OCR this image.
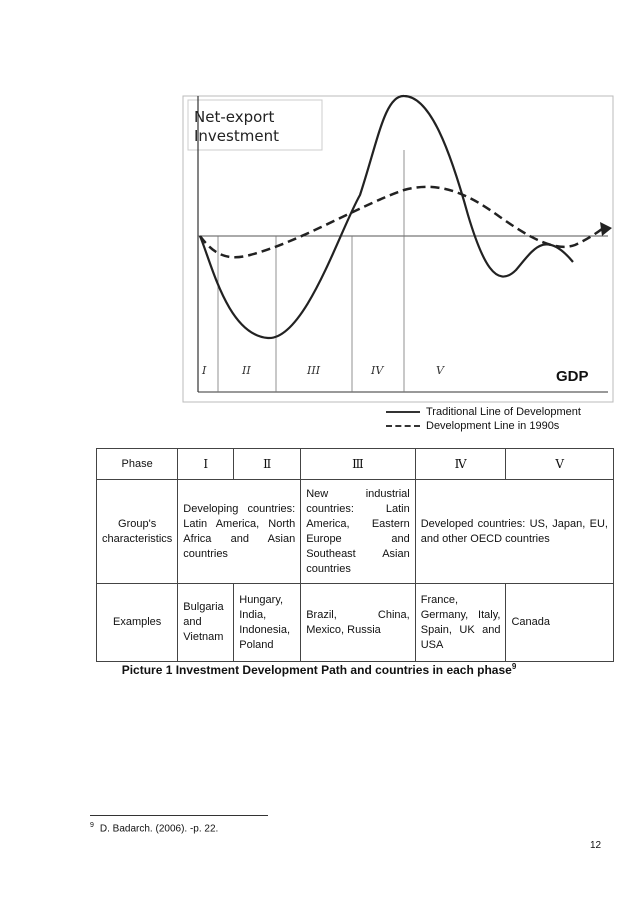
Net-export
Investment
GDP
I	II	III	IV	V
Traditional Line of Development
Development Line in 1990s
Phase	Ⅰ	Ⅱ	Ⅲ	Ⅳ	Ⅴ

Group's
characteristics	Developing countries: Latin America, North Africa and Asian countries		New industrial countries: Latin America, Eastern Europe and Southeast Asian countries	Developed countries: US, Japan, EU, and other OECD countries	
Examples	Bulgaria and Vietnam	Hungary, India, Indonesia, Poland	Brazil, China, Mexico, Russia	France, Germany, Italy, Spain, UK and USA	Canada
Picture 1 Investment Development Path and countries in each phase$^9$
$^9$ D. Badarch. (2006). -p. 22.
12
